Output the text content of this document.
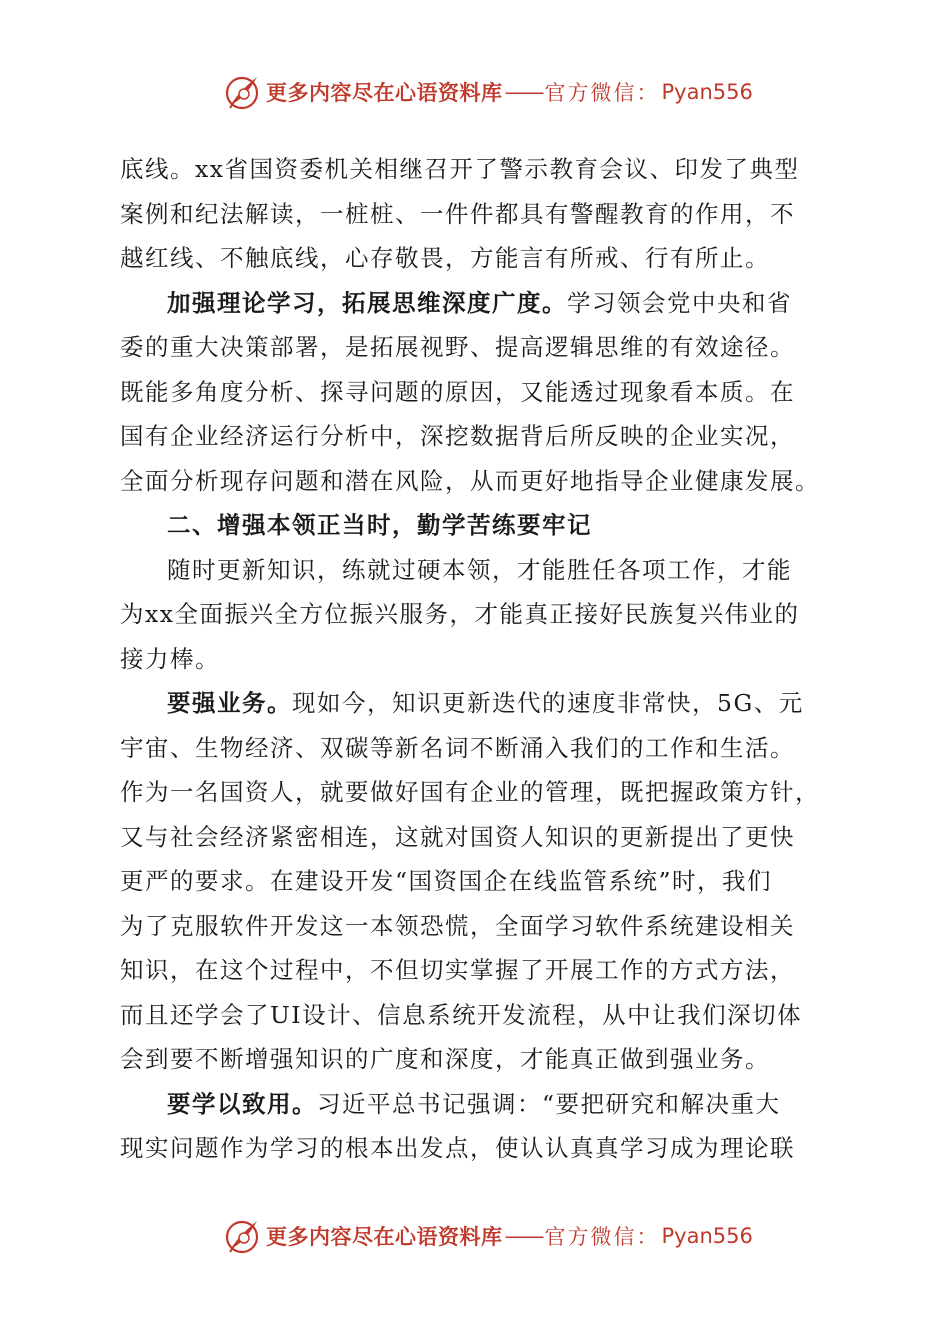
更多内容尽在心语资料库 —— 官方微信： Pyan556

底线。xx省国资委机关相继召开了警示教育会议、印发了典型
案例和纪法解读，一桩桩、一件件都具有警醒教育的作用，不
越红线、不触底线，心存敬畏，方能言有所戒、行有所止。

加强理论学习，拓展思维深度广度。学习领会党中央和省
委的重大决策部署，是拓展视野、提高逻辑思维的有效途径。
既能多角度分析、探寻问题的原因，又能透过现象看本质。在
国有企业经济运行分析中，深挖数据背后所反映的企业实况，
全面分析现存问题和潜在风险，从而更好地指导企业健康发展。

二、增强本领正当时，勤学苦练要牢记

随时更新知识，练就过硬本领，才能胜任各项工作，才能
为xx全面振兴全方位振兴服务，才能真正接好民族复兴伟业的
接力棒。

要强业务。现如今，知识更新迭代的速度非常快，5G、元
宇宙、生物经济、双碳等新名词不断涌入我们的工作和生活。
作为一名国资人，就要做好国有企业的管理，既把握政策方针，
又与社会经济紧密相连，这就对国资人知识的更新提出了更快
更严的要求。在建设开发“国资国企在线监管系统”时，我们
为了克服软件开发这一本领恐慌，全面学习软件系统建设相关
知识，在这个过程中，不但切实掌握了开展工作的方式方法，
而且还学会了UI设计、信息系统开发流程，从中让我们深切体
会到要不断增强知识的广度和深度，才能真正做到强业务。

要学以致用。习近平总书记强调：“要把研究和解决重大
现实问题作为学习的根本出发点，使认认真真学习成为理论联

更多内容尽在心语资料库 —— 官方微信： Pyan556
